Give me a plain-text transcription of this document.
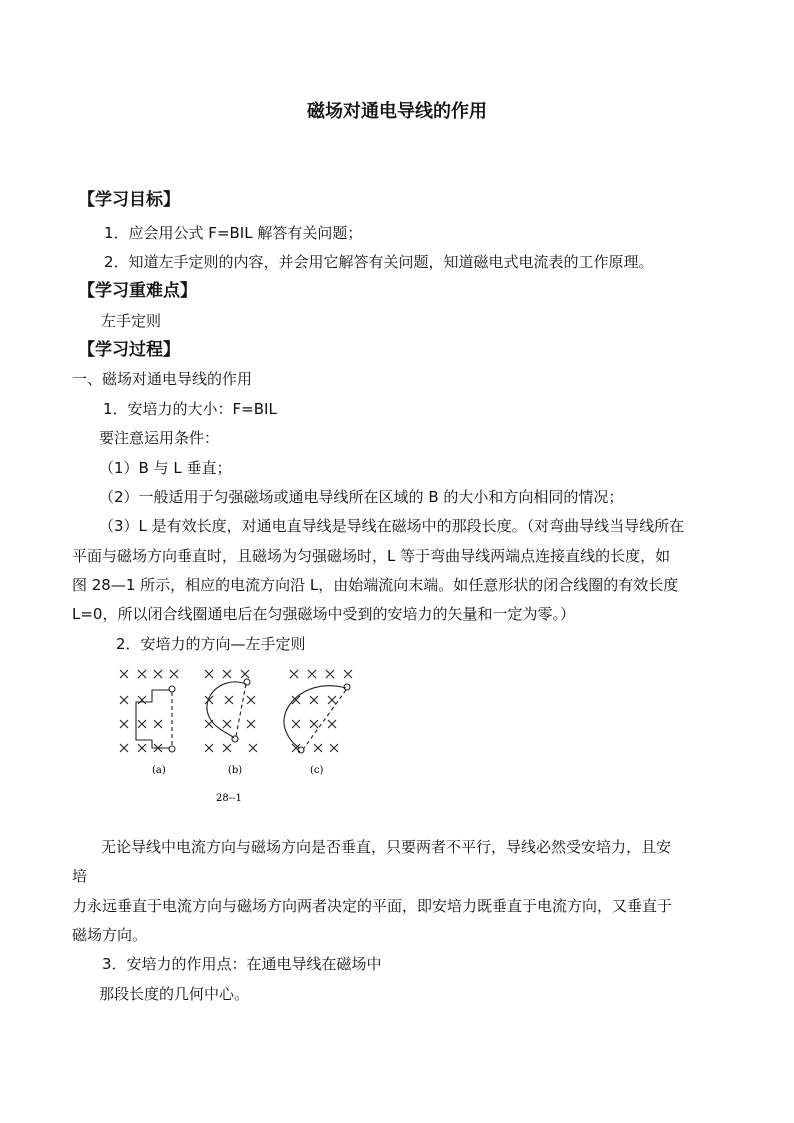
磁场对通电导线的作用
【学习目标】
1．应会用公式 F=BIL 解答有关问题；
2．知道左手定则的内容，并会用它解答有关问题，知道磁电式电流表的工作原理。
【学习重难点】
左手定则
【学习过程】
一、磁场对通电导线的作用
1．安培力的大小：F=BIL
要注意运用条件：
（1）B 与 L 垂直；
（2）一般适用于匀强磁场或通电导线所在区域的 B 的大小和方向相同的情况；
（3）L 是有效长度，对通电直导线是导线在磁场中的那段长度。（对弯曲导线当导线所在
平面与磁场方向垂直时，且磁场为匀强磁场时，L 等于弯曲导线两端点连接直线的长度，如
图 28—1 所示，相应的电流方向沿 L，由始端流向末端。如任意形状的闭合线圈的有效长度
L=0，所以闭合线圈通电后在匀强磁场中受到的安培力的矢量和一定为零。）
2．安培力的方向—左手定则
(a)	(b)	(c)
28--1
无论导线中电流方向与磁场方向是否垂直，只要两者不平行，导线必然受安培力，且安
培
力永远垂直于电流方向与磁场方向两者决定的平面，即安培力既垂直于电流方向，又垂直于
磁场方向。
3．安培力的作用点：在通电导线在磁场中
那段长度的几何中心。
